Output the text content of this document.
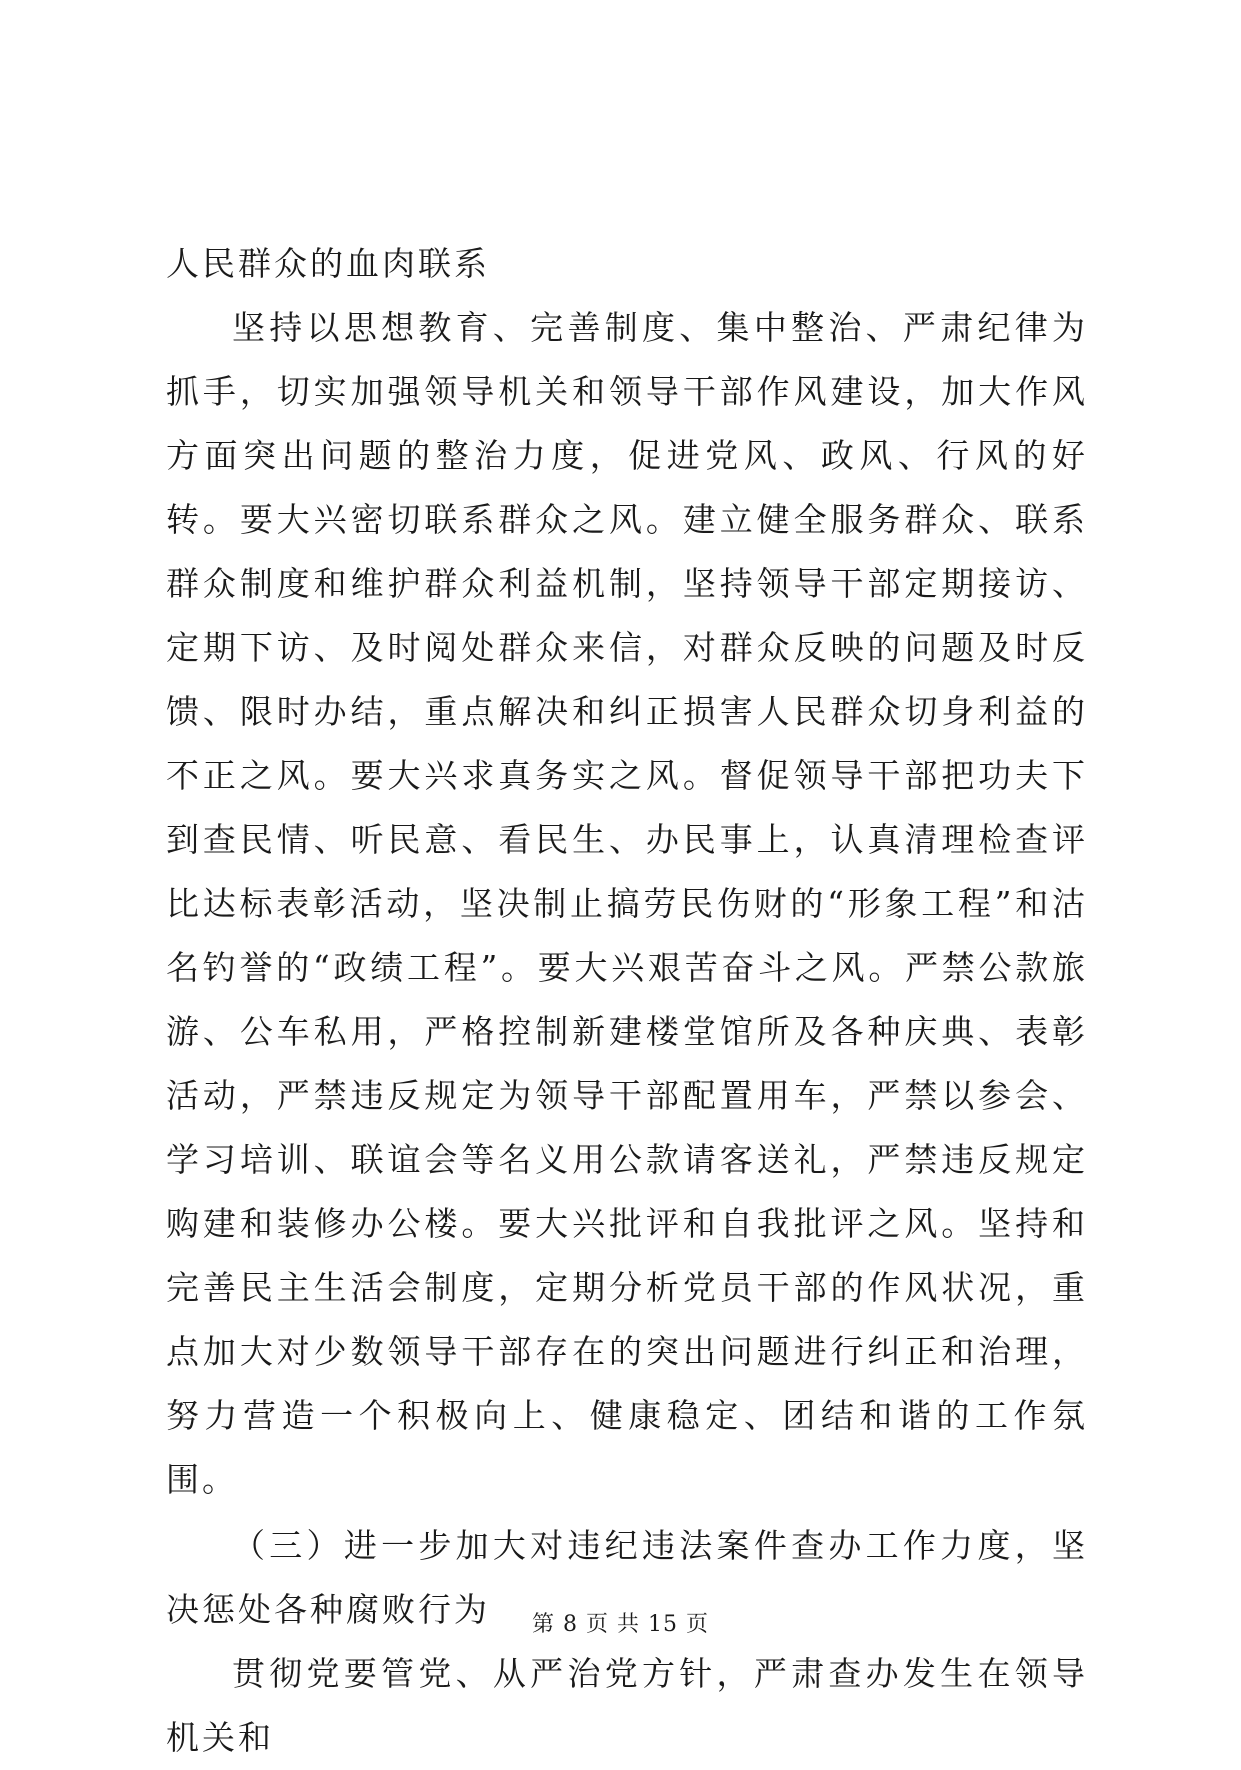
人民群众的血肉联系

坚持以思想教育、完善制度、集中整治、严肃纪律为抓手，切实加强领导机关和领导干部作风建设，加大作风方面突出问题的整治力度，促进党风、政风、行风的好转。要大兴密切联系群众之风。建立健全服务群众、联系群众制度和维护群众利益机制，坚持领导干部定期接访、定期下访、及时阅处群众来信，对群众反映的问题及时反馈、限时办结，重点解决和纠正损害人民群众切身利益的不正之风。要大兴求真务实之风。督促领导干部把功夫下到查民情、听民意、看民生、办民事上，认真清理检查评比达标表彰活动，坚决制止搞劳民伤财的“形象工程”和沽名钓誉的“政绩工程”。要大兴艰苦奋斗之风。严禁公款旅游、公车私用，严格控制新建楼堂馆所及各种庆典、表彰活动，严禁违反规定为领导干部配置用车，严禁以参会、学习培训、联谊会等名义用公款请客送礼，严禁违反规定购建和装修办公楼。要大兴批评和自我批评之风。坚持和完善民主生活会制度，定期分析党员干部的作风状况，重点加大对少数领导干部存在的突出问题进行纠正和治理，努力营造一个积极向上、健康稳定、团结和谐的工作氛围。

（三）进一步加大对违纪违法案件查办工作力度，坚决惩处各种腐败行为

贯彻党要管党、从严治党方针，严肃查办发生在领导机关和

第 8 页 共 15 页
